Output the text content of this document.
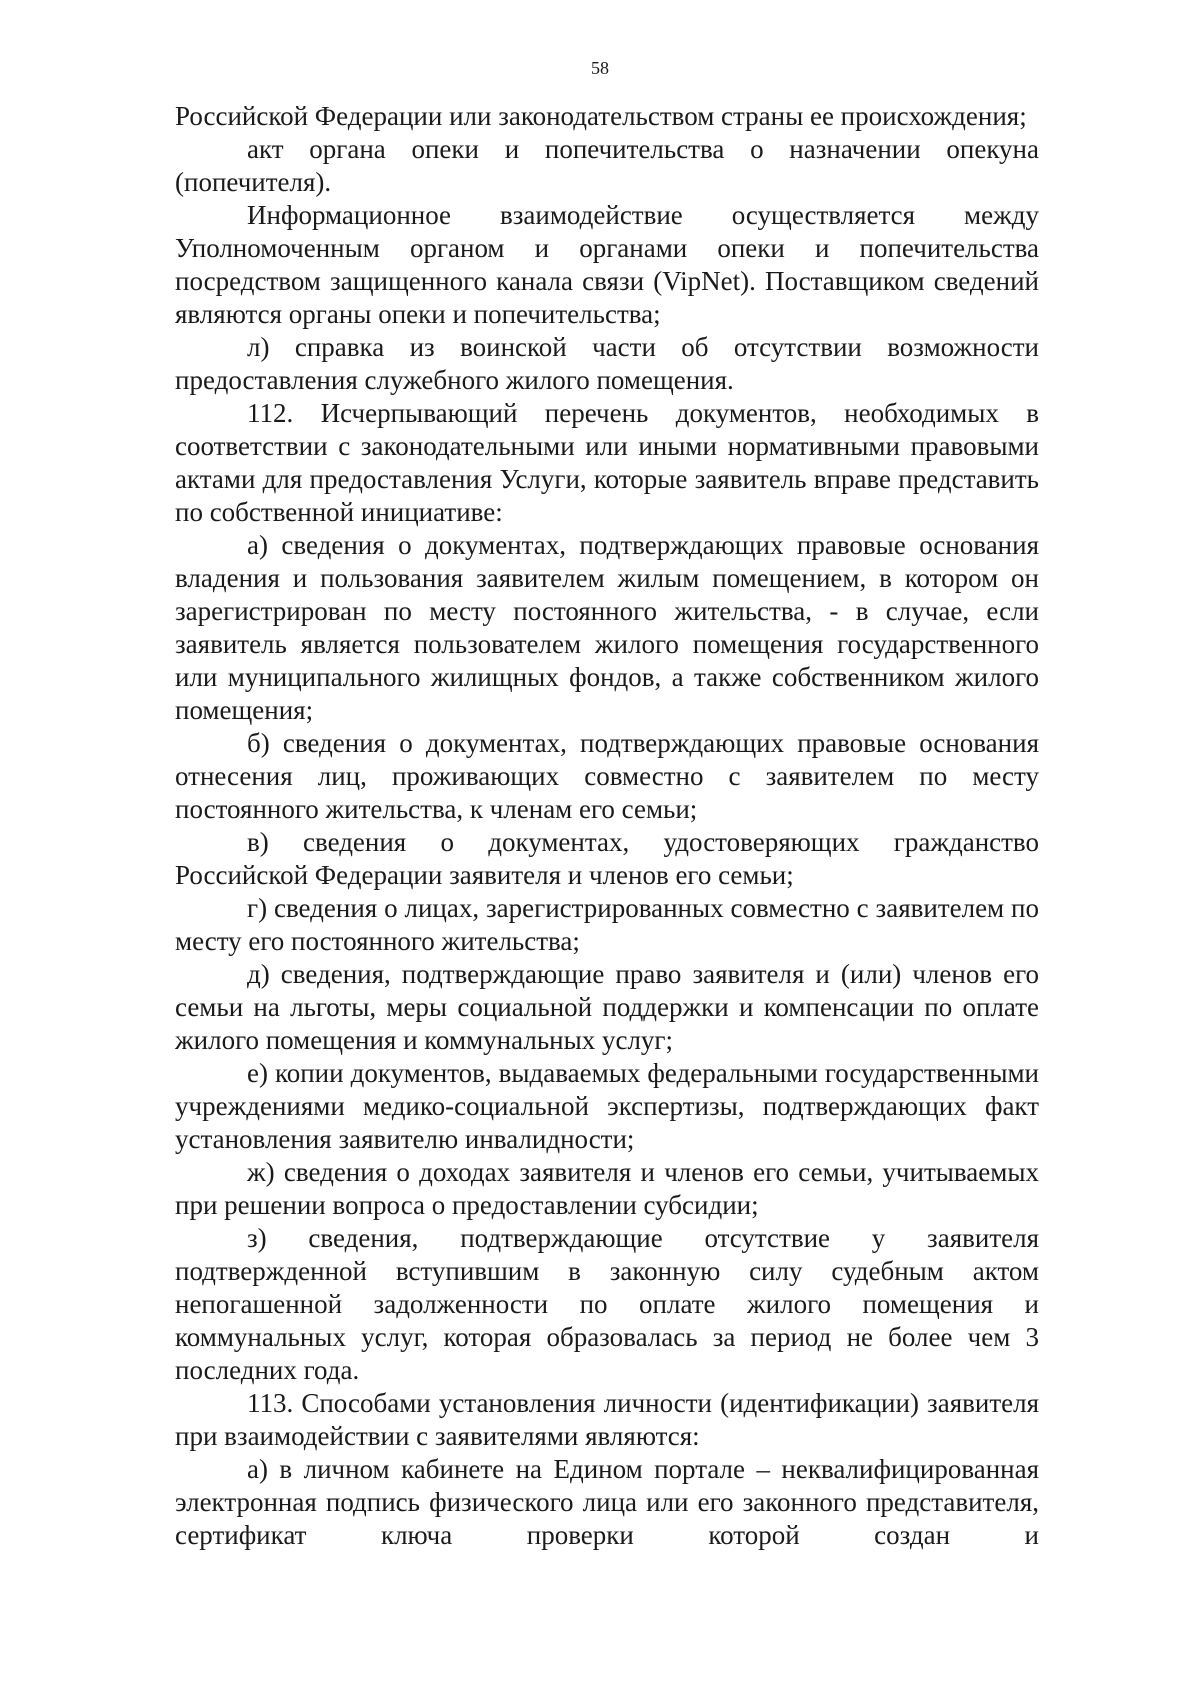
58

Российской Федерации или законодательством страны ее происхождения;

акт органа опеки и попечительства о назначении опекуна (попечителя).

Информационное взаимодействие осуществляется между Уполномоченным органом и органами опеки и попечительства посредством защищенного канала связи (VipNet). Поставщиком сведений являются органы опеки и попечительства;

л) справка из воинской части об отсутствии возможности предоставления служебного жилого помещения.

112. Исчерпывающий перечень документов, необходимых в соответствии с законодательными или иными нормативными правовыми актами для предоставления Услуги, которые заявитель вправе представить по собственной инициативе:

а) сведения о документах, подтверждающих правовые основания владения и пользования заявителем жилым помещением, в котором он зарегистрирован по месту постоянного жительства, - в случае, если заявитель является пользователем жилого помещения государственного или муниципального жилищных фондов, а также собственником жилого помещения;

б) сведения о документах, подтверждающих правовые основания отнесения лиц, проживающих совместно с заявителем по месту постоянного жительства, к членам его семьи;

в) сведения о документах, удостоверяющих гражданство Российской Федерации заявителя и членов его семьи;

г) сведения о лицах, зарегистрированных совместно с заявителем по месту его постоянного жительства;

д) сведения, подтверждающие право заявителя и (или) членов его семьи на льготы, меры социальной поддержки и компенсации по оплате жилого помещения и коммунальных услуг;

е) копии документов, выдаваемых федеральными государственными учреждениями медико-социальной экспертизы, подтверждающих факт установления заявителю инвалидности;

ж) сведения о доходах заявителя и членов его семьи, учитываемых при решении вопроса о предоставлении субсидии;

з) сведения, подтверждающие отсутствие у заявителя подтвержденной вступившим в законную силу судебным актом непогашенной задолженности по оплате жилого помещения и коммунальных услуг, которая образовалась за период не более чем 3 последних года.

113. Способами установления личности (идентификации) заявителя при взаимодействии с заявителями являются:

а) в личном кабинете на Едином портале – неквалифицированная электронная подпись физического лица или его законного представителя, сертификат ключа проверки которой создан и
